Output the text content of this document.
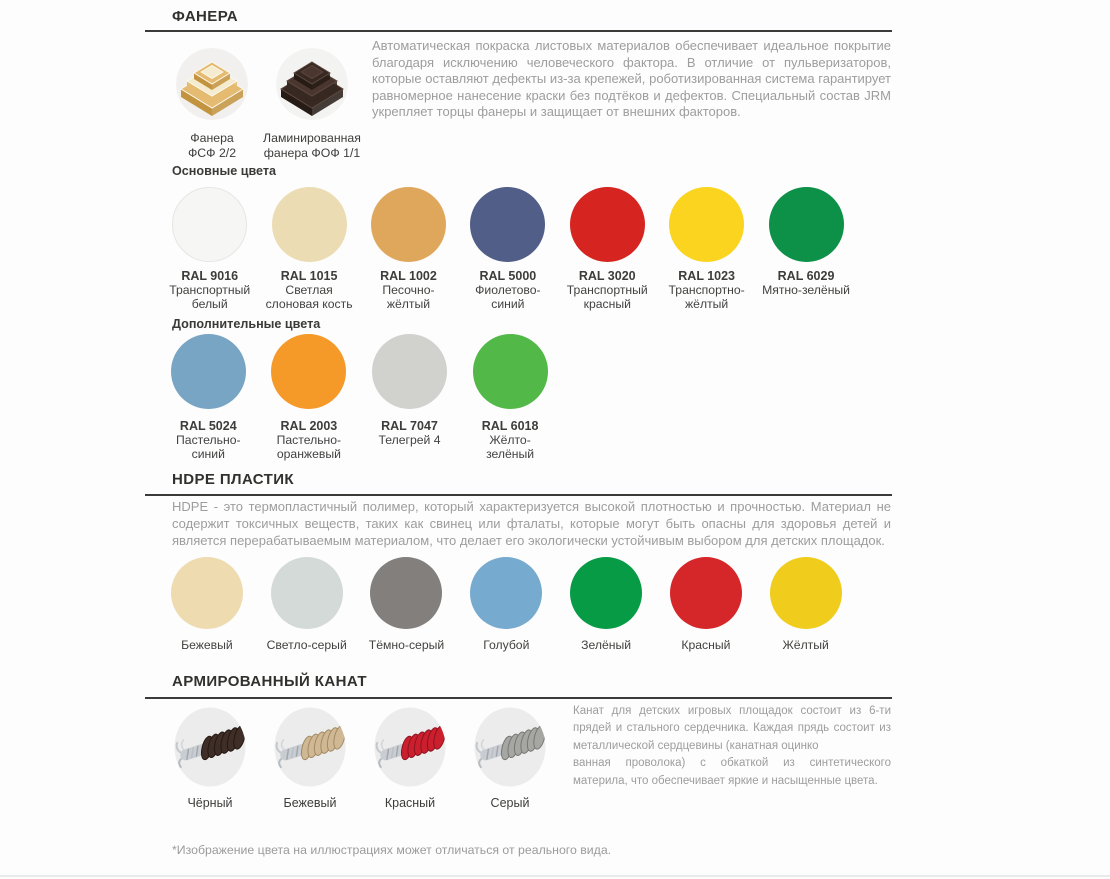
ФАНЕРА
Фанера
ФСФ 2/2
Ламинированная
фанера ФОФ 1/1

Автоматическая покраска листовых материалов обеспечивает идеальное покрытие благодаря исключению человеческого фактора. В отличие от пульверизаторов, которые оставляют дефекты из-за крепежей, роботизированная система гарантирует равномерное нанесение краски без подтёков и дефектов. Специальный состав JRM укрепляет торцы фанеры и защищает от внешних факторов.

Основные цвета
RAL 9016
Транспортный
белый
RAL 1015
Светлая
слоновая кость
RAL 1002
Песочно-
жёлтый
RAL 5000
Фиолетово-
синий
RAL 3020
Транспортный
красный
RAL 1023
Транспортно-
жёлтый
RAL 6029
Мятно-зелёный
Дополнительные цвета
RAL 5024
Пастельно-
синий
RAL 2003
Пастельно-
оранжевый
RAL 7047
Телегрей 4
RAL 6018
Жёлто-
зелёный
HDPE ПЛАСТИК

HDPE - это термопластичный полимер, который характеризуется высокой плотностью и прочностью. Материал не содержит токсичных веществ, таких как свинец или фталаты, которые могут быть опасны для здоровья детей и является перерабатываемым материалом, что делает его экологически устойчивым выбором для детских площадок.

Бежевый	Светло-серый Тёмно-серый	Голубой	Зелёный	Красный	Жёлтый
АРМИРОВАННЫЙ КАНАТ
Чёрный	Бежевый	Красный	Серый
Канат для детских игровых площадок состоит из 6-ти
прядей и стального сердечника. Каждая прядь состоит из
металлической сердцевины (канатная оцинко
ванная проволока) с обкаткой из синтетического
материла, что обеспечивает яркие и насыщенные цвета.
*Изображение цвета на иллюстрациях может отличаться от реального вида.
